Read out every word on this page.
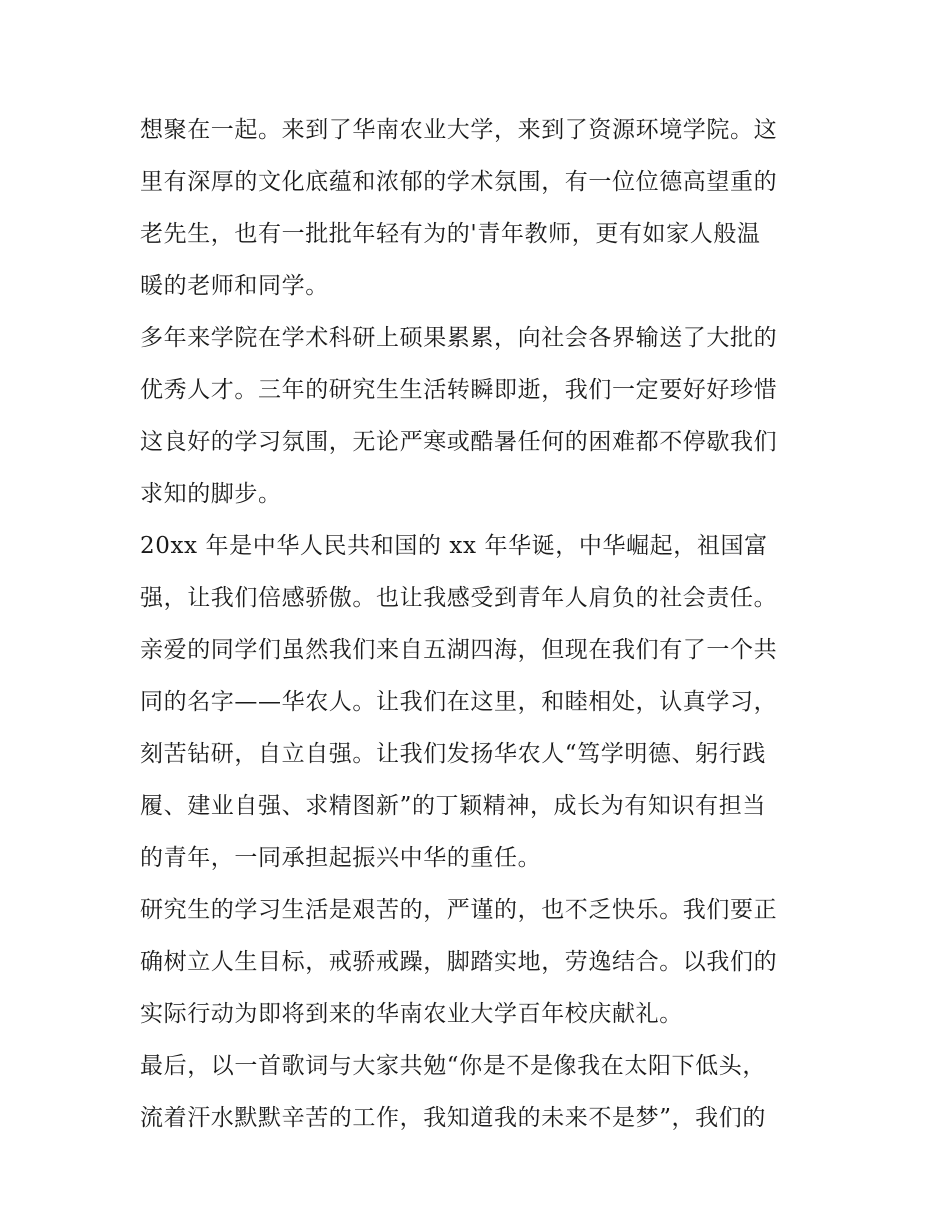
想聚在一起。来到了华南农业大学，来到了资源环境学院。这
里有深厚的文化底蕴和浓郁的学术氛围，有一位位德高望重的
老先生，也有一批批年轻有为的'青年教师，更有如家人般温
暖的老师和同学。
多年来学院在学术科研上硕果累累，向社会各界输送了大批的
优秀人才。三年的研究生生活转瞬即逝，我们一定要好好珍惜
这良好的学习氛围，无论严寒或酷暑任何的困难都不停歇我们
求知的脚步。
20xx 年是中华人民共和国的 xx 年华诞，中华崛起，祖国富
强，让我们倍感骄傲。也让我感受到青年人肩负的社会责任。
亲爱的同学们虽然我们来自五湖四海，但现在我们有了一个共
同的名字——华农人。让我们在这里，和睦相处，认真学习，
刻苦钻研，自立自强。让我们发扬华农人“笃学明德、躬行践
履、建业自强、求精图新”的丁颖精神，成长为有知识有担当
的青年，一同承担起振兴中华的重任。
研究生的学习生活是艰苦的，严谨的，也不乏快乐。我们要正
确树立人生目标，戒骄戒躁，脚踏实地，劳逸结合。以我们的
实际行动为即将到来的华南农业大学百年校庆献礼。
最后，以一首歌词与大家共勉“你是不是像我在太阳下低头，
流着汗水默默辛苦的工作，我知道我的未来不是梦”，我们的
